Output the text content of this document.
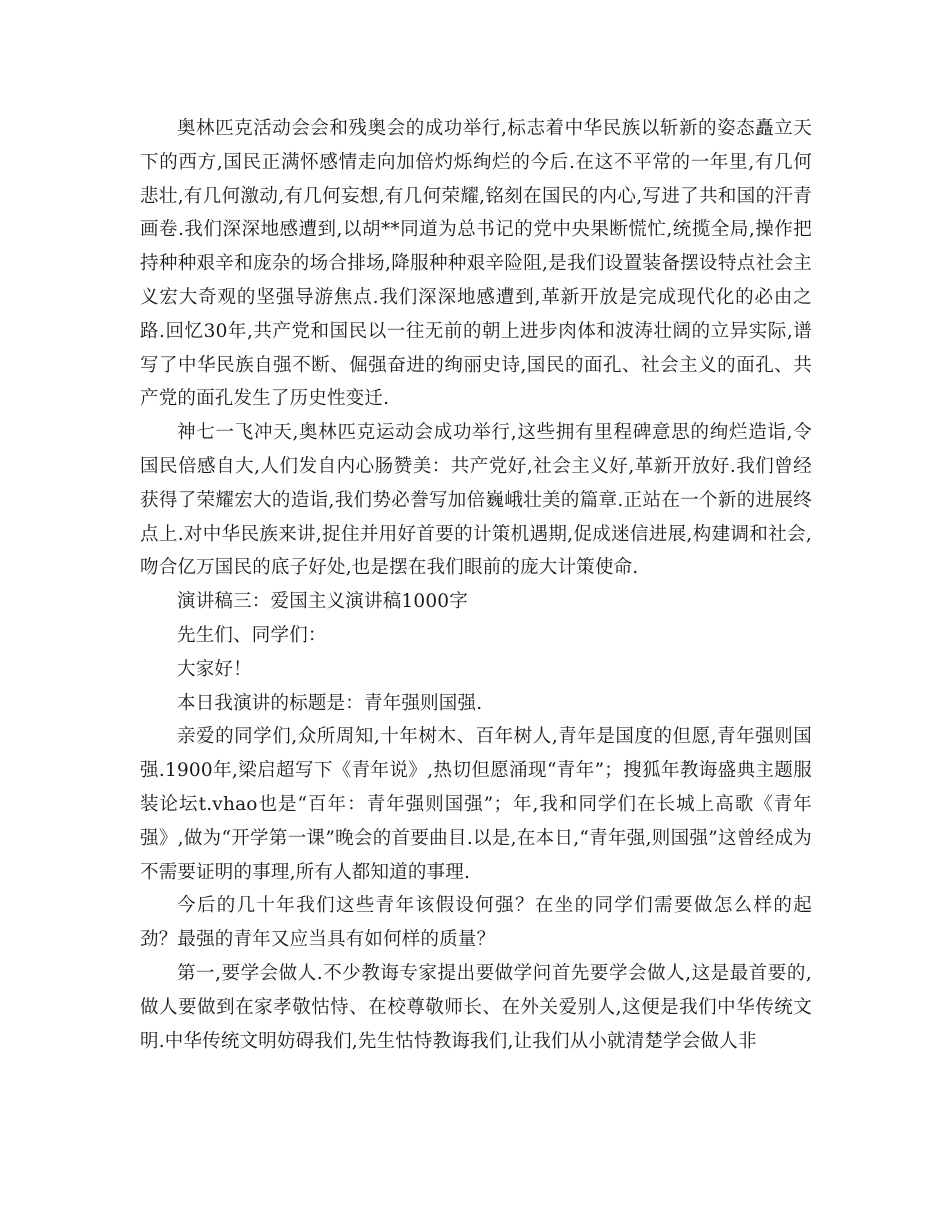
奥林匹克活动会会和残奥会的成功举行,标志着中华民族以斩新的姿态矗立天下的西方,国民正满怀感情走向加倍灼烁绚烂的今后.在这不平常的一年里,有几何悲壮,有几何激动,有几何妄想,有几何荣耀,铭刻在国民的内心,写进了共和国的汗青画卷.我们深深地感遭到,以胡**同道为总书记的党中央果断慌忙,统揽全局,操作把持种种艰辛和庞杂的场合排场,降服种种艰辛险阻,是我们设置装备摆设特点社会主义宏大奇观的坚强导游焦点.我们深深地感遭到,革新开放是完成现代化的必由之路.回忆30年,共产党和国民以一往无前的朝上进步肉体和波涛壮阔的立异实际,谱写了中华民族自强不断、倔强奋进的绚丽史诗,国民的面孔、社会主义的面孔、共产党的面孔发生了历史性变迁.

神七一飞冲天,奥林匹克运动会成功举行,这些拥有里程碑意思的绚烂造诣,令国民倍感自大,人们发自内心肠赞美：共产党好,社会主义好,革新开放好.我们曾经获得了荣耀宏大的造诣,我们势必誊写加倍巍峨壮美的篇章.正站在一个新的进展终点上.对中华民族来讲,捉住并用好首要的计策机遇期,促成迷信进展,构建调和社会,吻合亿万国民的底子好处,也是摆在我们眼前的庞大计策使命.

演讲稿三：爱国主义演讲稿1000字

先生们、同学们：

大家好！

本日我演讲的标题是：青年强则国强.

亲爱的同学们,众所周知,十年树木、百年树人,青年是国度的但愿,青年强则国强.1900年,梁启超写下《青年说》,热切但愿涌现“青年”；搜狐年教诲盛典主题服装论坛t.vhao也是“百年：青年强则国强”；年,我和同学们在长城上高歌《青年强》,做为“开学第一课”晚会的首要曲目.以是,在本日,“青年强,则国强”这曾经成为不需要证明的事理,所有人都知道的事理.

今后的几十年我们这些青年该假设何强？在坐的同学们需要做怎么样的起劲？最强的青年又应当具有如何样的质量？

第一,要学会做人.不少教诲专家提出要做学问首先要学会做人,这是最首要的,做人要做到在家孝敬怙恃、在校尊敬师长、在外关爱别人,这便是我们中华传统文明.中华传统文明妨碍我们,先生怙恃教诲我们,让我们从小就清楚学会做人非
